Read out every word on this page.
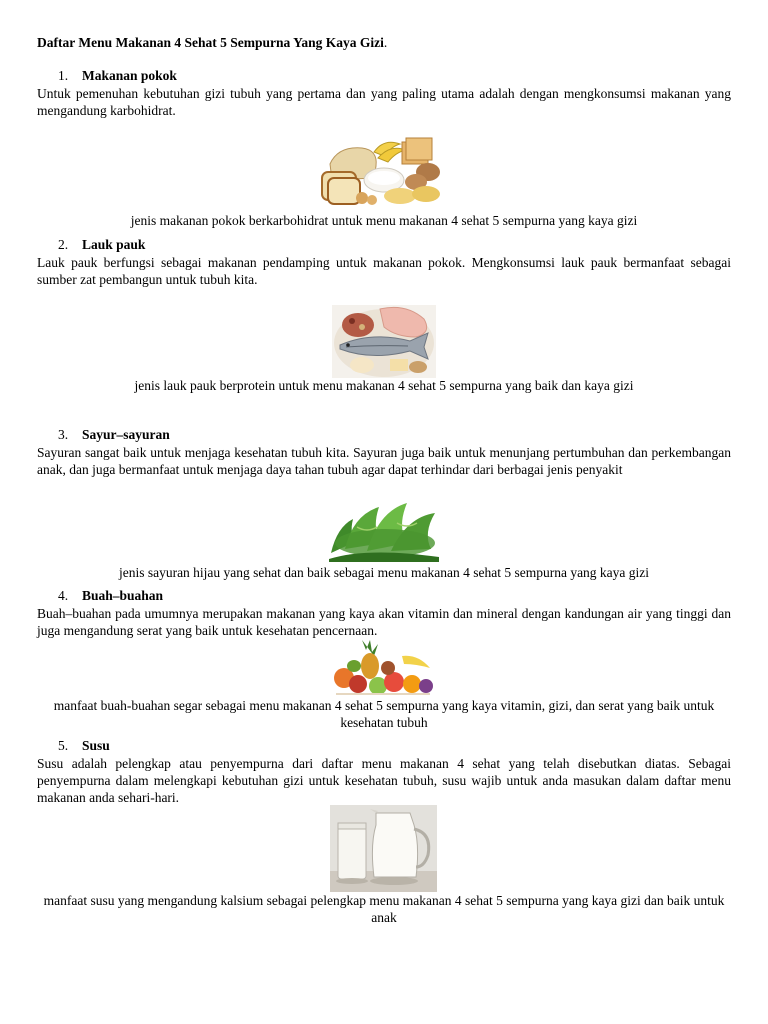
Daftar Menu Makanan 4 Sehat 5 Sempurna Yang Kaya Gizi.
1. Makanan pokok
Untuk pemenuhan kebutuhan gizi tubuh yang pertama dan yang paling utama adalah dengan mengkonsumsi makanan yang mengandung karbohidrat.
jenis makanan pokok berkarbohidrat untuk menu makanan 4 sehat 5 sempurna yang kaya gizi
2. Lauk pauk
Lauk pauk berfungsi sebagai makanan pendamping untuk makanan pokok. Mengkonsumsi lauk pauk bermanfaat sebagai sumber zat pembangun untuk tubuh kita.
jenis lauk pauk berprotein untuk menu makanan 4 sehat 5 sempurna yang baik dan kaya gizi
3. Sayur–sayuran
Sayuran sangat baik untuk menjaga kesehatan tubuh kita. Sayuran juga baik untuk menunjang pertumbuhan dan perkembangan anak, dan juga bermanfaat untuk menjaga daya tahan tubuh agar dapat terhindar dari berbagai jenis penyakit
jenis sayuran hijau yang sehat dan baik sebagai menu makanan 4 sehat 5 sempurna yang kaya gizi
4. Buah–buahan
Buah–buahan pada umumnya merupakan makanan yang kaya akan vitamin dan mineral dengan kandungan air yang tinggi dan juga mengandung serat yang baik untuk kesehatan pencernaan.
manfaat buah-buahan segar sebagai menu makanan 4 sehat 5 sempurna yang kaya vitamin, gizi, dan serat yang baik untuk kesehatan tubuh
5. Susu
Susu adalah pelengkap atau penyempurna dari daftar menu makanan 4 sehat yang telah disebutkan diatas. Sebagai penyempurna dalam melengkapi kebutuhan gizi untuk kesehatan tubuh, susu wajib untuk anda masukan dalam daftar menu makanan anda sehari-hari.
manfaat susu yang mengandung kalsium sebagai pelengkap menu makanan 4 sehat 5 sempurna yang kaya gizi dan baik untuk anak
